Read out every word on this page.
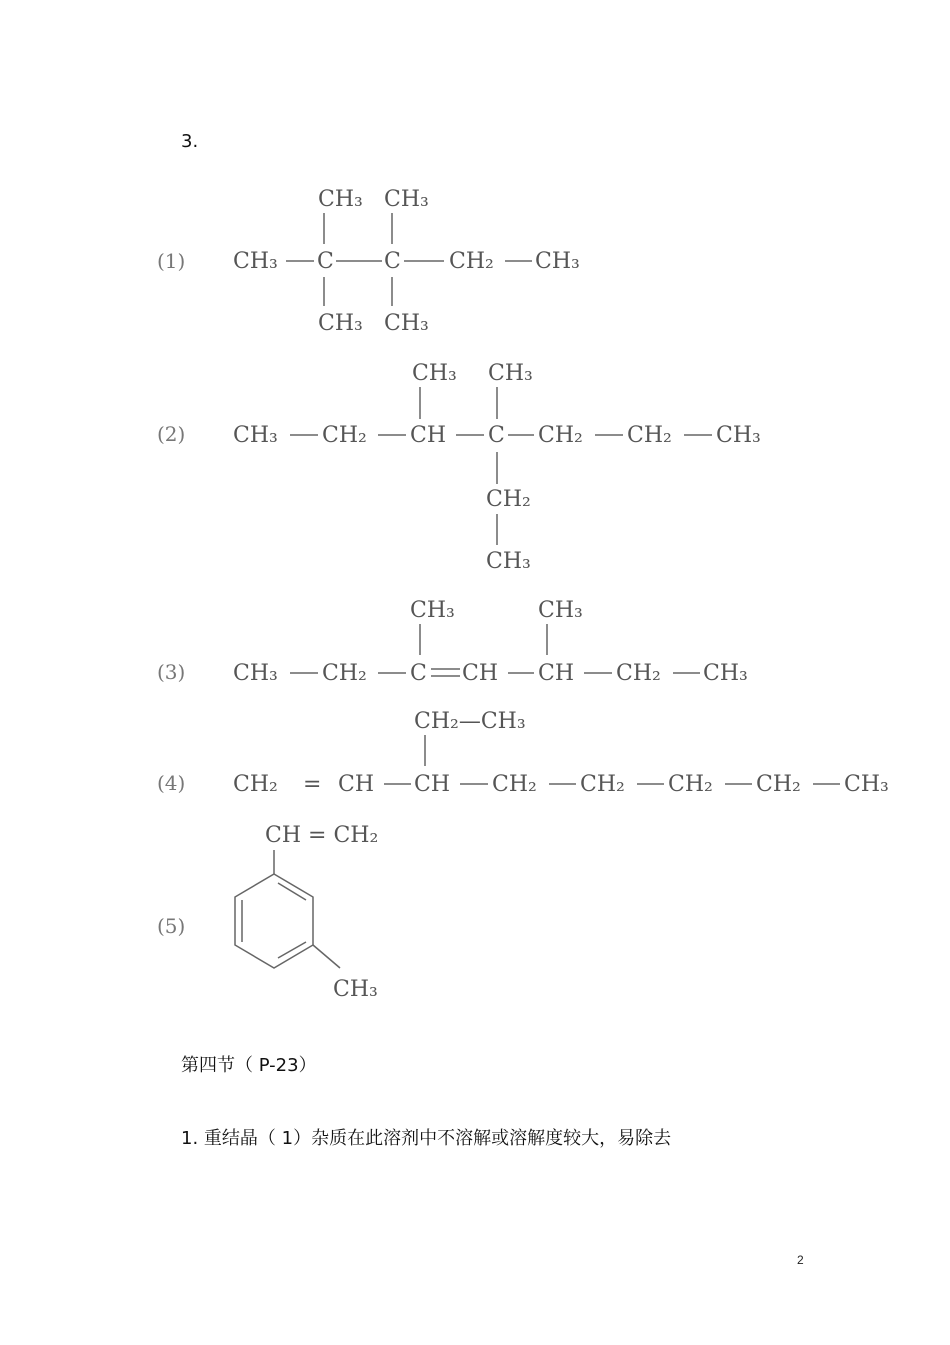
3.
(1)
CH₃ CH₃
CH₃ C C CH₂ CH₃
CH₃ CH₃
(2)
CH₃ CH₃
CH₃ CH₂ CH C CH₂ CH₂ CH₃
CH₂
CH₃
(3)
CH₃	CH₃
CH₃ CH₂ C CH CH CH₂ CH₃
(4)
CH₂—CH₃
CH₂ = CH CH CH₂ CH₂ CH₂ CH₂ CH₃
(5)
CH = CH₂
CH₃
第四节（ P-23）
1. 重结晶（ 1）杂质在此溶剂中不溶解或溶解度较大，易除去
2
